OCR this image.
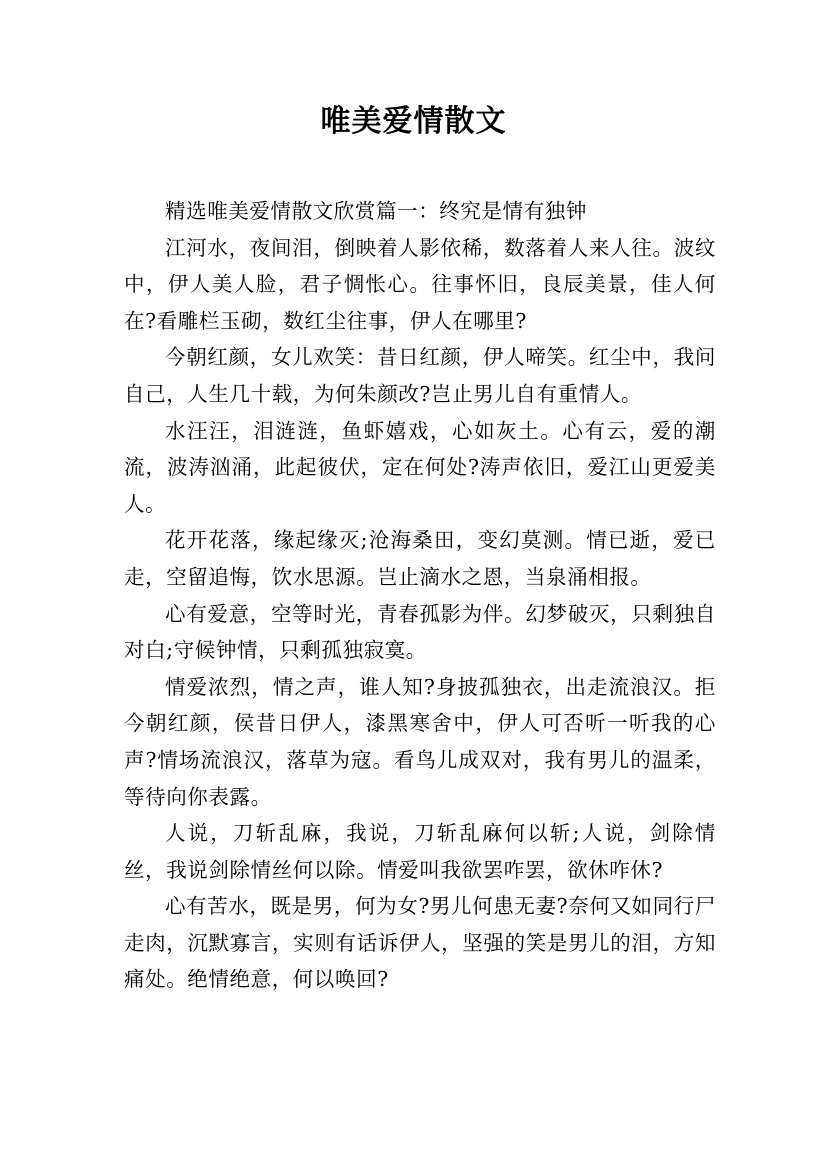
唯美爱情散文

精选唯美爱情散文欣赏篇一：终究是情有独钟

江河水，夜间泪，倒映着人影依稀，数落着人来人往。波纹中，伊人美人脸，君子惆怅心。往事怀旧，良辰美景，佳人何在?看雕栏玉砌，数红尘往事，伊人在哪里?

今朝红颜，女儿欢笑：昔日红颜，伊人啼笑。红尘中，我问自己，人生几十载，为何朱颜改?岂止男儿自有重情人。

水汪汪，泪涟涟，鱼虾嬉戏，心如灰土。心有云，爱的潮流，波涛汹涌，此起彼伏，定在何处?涛声依旧，爱江山更爱美人。

花开花落，缘起缘灭;沧海桑田，变幻莫测。情已逝，爱已走，空留追悔，饮水思源。岂止滴水之恩，当泉涌相报。

心有爱意，空等时光，青春孤影为伴。幻梦破灭，只剩独自对白;守候钟情，只剩孤独寂寞。

情爱浓烈，情之声，谁人知?身披孤独衣，出走流浪汉。拒今朝红颜，侯昔日伊人，漆黑寒舍中，伊人可否听一听我的心声?情场流浪汉，落草为寇。看鸟儿成双对，我有男儿的温柔，等待向你表露。

人说，刀斩乱麻，我说，刀斩乱麻何以斩;人说，剑除情丝，我说剑除情丝何以除。情爱叫我欲罢咋罢，欲休咋休?

心有苦水，既是男，何为女?男儿何患无妻?奈何又如同行尸走肉，沉默寡言，实则有话诉伊人，坚强的笑是男儿的泪，方知痛处。绝情绝意，何以唤回?
